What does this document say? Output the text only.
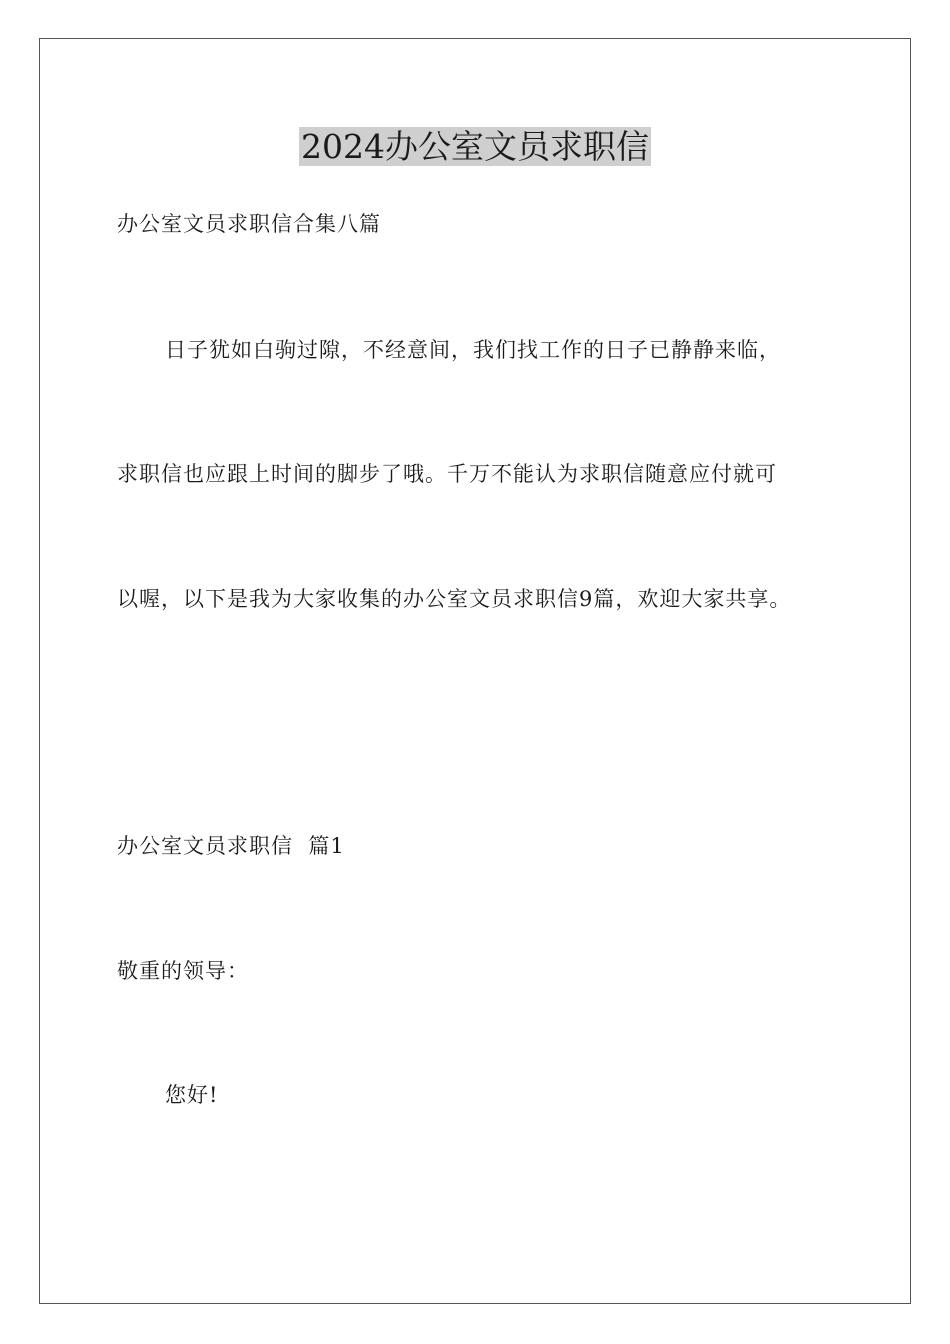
2024办公室文员求职信

办公室文员求职信合集八篇

日子犹如白驹过隙，不经意间，我们找工作的日子已静静来临，

求职信也应跟上时间的脚步了哦。千万不能认为求职信随意应付就可

以喔，以下是我为大家收集的办公室文员求职信9篇，欢迎大家共享。

办公室文员求职信  篇1

敬重的领导：

您好!
